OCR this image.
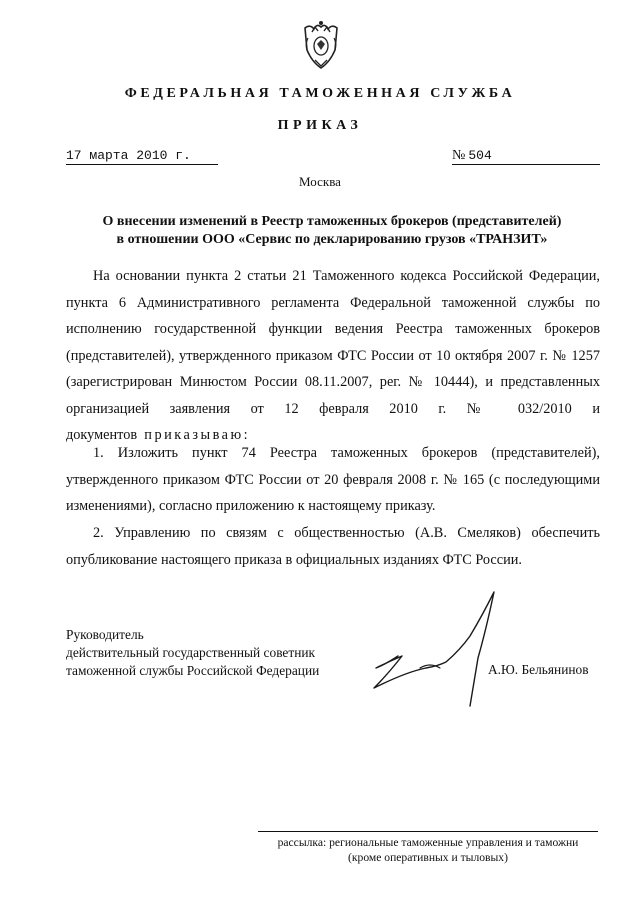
ФЕДЕРАЛЬНАЯ ТАМОЖЕННАЯ СЛУЖБА
ПРИКАЗ
17 марта 2010 г.	№ 504
Москва
О внесении изменений в Реестр таможенных брокеров (представителей)
в отношении ООО «Сервис по декларированию грузов «ТРАНЗИТ»

На основании пункта 2 статьи 21 Таможенного кодекса Российской Федерации, пункта 6 Административного регламента Федеральной таможенной службы по исполнению государственной функции ведения Реестра таможенных брокеров (представителей), утвержденного приказом ФТС России от 10 октября 2007 г. № 1257 (зарегистрирован Минюстом России 08.11.2007, рег. № 10444), и представленных организацией заявления от 12 февраля 2010 г. № 032/2010 и документов приказываю:

1. Изложить пункт 74 Реестра таможенных брокеров (представителей), утвержденного приказом ФТС России от 20 февраля 2008 г. № 165 (с последующими изменениями), согласно приложению к настоящему приказу.

2. Управлению по связям с общественностью (А.В. Смеляков) обеспечить опубликование настоящего приказа в официальных изданиях ФТС России.

Руководитель
действительный государственный советник
таможенной службы Российской Федерации	А.Ю. Бельянинов
рассылка: региональные таможенные управления и таможни
(кроме оперативных и тыловых)
